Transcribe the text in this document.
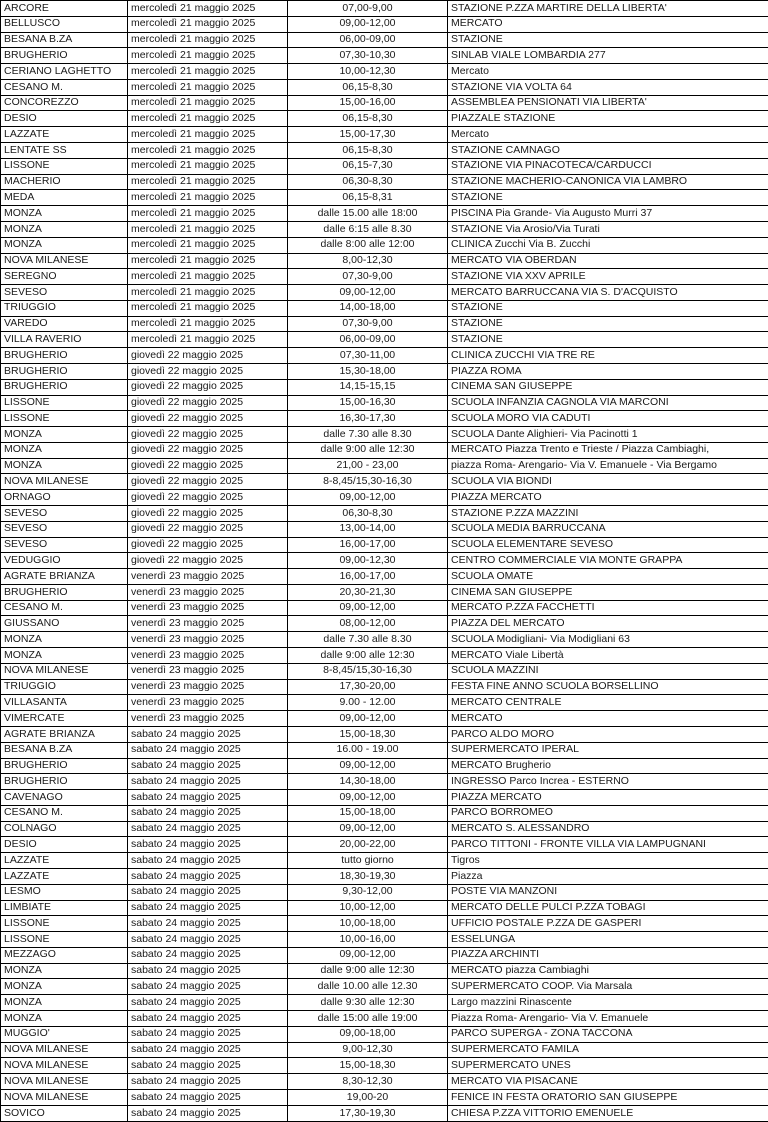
ARCORE	mercoledì 21 maggio 2025	07,00-9,00	STAZIONE P.ZZA MARTIRE DELLA LIBERTA'
BELLUSCO	mercoledì 21 maggio 2025	09,00-12,00	MERCATO
BESANA B.ZA	mercoledì 21 maggio 2025	06,00-09,00	STAZIONE
BRUGHERIO	mercoledì 21 maggio 2025	07,30-10,30	SINLAB VIALE LOMBARDIA 277
CERIANO LAGHETTO	mercoledì 21 maggio 2025	10,00-12,30	Mercato
CESANO M.	mercoledì 21 maggio 2025	06,15-8,30	STAZIONE VIA VOLTA 64
CONCOREZZO	mercoledì 21 maggio 2025	15,00-16,00	ASSEMBLEA PENSIONATI VIA LIBERTA'
DESIO	mercoledì 21 maggio 2025	06,15-8,30	PIAZZALE STAZIONE
LAZZATE	mercoledì 21 maggio 2025	15,00-17,30	Mercato
LENTATE SS	mercoledì 21 maggio 2025	06,15-8,30	STAZIONE CAMNAGO
LISSONE	mercoledì 21 maggio 2025	06,15-7,30	STAZIONE VIA PINACOTECA/CARDUCCI
MACHERIO	mercoledì 21 maggio 2025	06,30-8,30	STAZIONE MACHERIO-CANONICA VIA LAMBRO
MEDA	mercoledì 21 maggio 2025	06,15-8,31	STAZIONE
MONZA	mercoledì 21 maggio 2025	dalle 15.00 alle 18:00	PISCINA Pia Grande- Via Augusto Murri 37
MONZA	mercoledì 21 maggio 2025	dalle 6:15 alle 8.30	STAZIONE Via Arosio/Via Turati
MONZA	mercoledì 21 maggio 2025	dalle 8:00 alle 12:00	CLINICA Zucchi Via B. Zucchi
NOVA MILANESE	mercoledì 21 maggio 2025	8,00-12,30	MERCATO VIA OBERDAN
SEREGNO	mercoledì 21 maggio 2025	07,30-9,00	STAZIONE VIA XXV APRILE
SEVESO	mercoledì 21 maggio 2025	09,00-12,00	MERCATO BARRUCCANA VIA S. D'ACQUISTO
TRIUGGIO	mercoledì 21 maggio 2025	14,00-18,00	STAZIONE
VAREDO	mercoledì 21 maggio 2025	07,30-9,00	STAZIONE
VILLA RAVERIO	mercoledì 21 maggio 2025	06,00-09,00	STAZIONE
BRUGHERIO	giovedì 22 maggio 2025	07,30-11,00	CLINICA ZUCCHI VIA TRE RE
BRUGHERIO	giovedì 22 maggio 2025	15,30-18,00	PIAZZA ROMA
BRUGHERIO	giovedì 22 maggio 2025	14,15-15,15	CINEMA SAN GIUSEPPE
LISSONE	giovedì 22 maggio 2025	15,00-16,30	SCUOLA INFANZIA CAGNOLA VIA MARCONI
LISSONE	giovedì 22 maggio 2025	16,30-17,30	SCUOLA MORO VIA CADUTI
MONZA	giovedì 22 maggio 2025	dalle 7.30 alle 8.30	SCUOLA Dante Alighieri- Via Pacinotti 1
MONZA	giovedì 22 maggio 2025	dalle 9:00 alle 12:30	MERCATO Piazza Trento e Trieste / Piazza Cambiaghi,
MONZA	giovedì 22 maggio 2025	21,00 - 23,00	piazza Roma- Arengario- Via V. Emanuele - Via Bergamo
NOVA MILANESE	giovedì 22 maggio 2025	8-8,45/15,30-16,30	SCUOLA VIA BIONDI
ORNAGO	giovedì 22 maggio 2025	09,00-12,00	PIAZZA MERCATO
SEVESO	giovedì 22 maggio 2025	06,30-8,30	STAZIONE P.ZZA MAZZINI
SEVESO	giovedì 22 maggio 2025	13,00-14,00	SCUOLA MEDIA BARRUCCANA
SEVESO	giovedì 22 maggio 2025	16,00-17,00	SCUOLA ELEMENTARE SEVESO
VEDUGGIO	giovedì 22 maggio 2025	09,00-12,30	CENTRO COMMERCIALE VIA MONTE GRAPPA
AGRATE BRIANZA	venerdì 23 maggio 2025	16,00-17,00	SCUOLA OMATE
BRUGHERIO	venerdì 23 maggio 2025	20,30-21,30	CINEMA SAN GIUSEPPE
CESANO M.	venerdì 23 maggio 2025	09,00-12,00	MERCATO P.ZZA FACCHETTI
GIUSSANO	venerdì 23 maggio 2025	08,00-12,00	PIAZZA DEL MERCATO
MONZA	venerdì 23 maggio 2025	dalle 7.30 alle 8.30	SCUOLA Modigliani- Via Modigliani 63
MONZA	venerdì 23 maggio 2025	dalle 9:00 alle 12:30	MERCATO Viale Libertà
NOVA MILANESE	venerdì 23 maggio 2025	8-8,45/15,30-16,30	SCUOLA MAZZINI
TRIUGGIO	venerdì 23 maggio 2025	17,30-20,00	FESTA FINE ANNO SCUOLA BORSELLINO
VILLASANTA	venerdì 23 maggio 2025	9.00 - 12.00	MERCATO CENTRALE
VIMERCATE	venerdì 23 maggio 2025	09,00-12,00	MERCATO
AGRATE BRIANZA	sabato 24 maggio 2025	15,00-18,30	PARCO ALDO MORO
BESANA B.ZA	sabato 24 maggio 2025	16.00 - 19.00	SUPERMERCATO IPERAL
BRUGHERIO	sabato 24 maggio 2025	09,00-12,00	MERCATO Brugherio
BRUGHERIO	sabato 24 maggio 2025	14,30-18,00	INGRESSO Parco Increa - ESTERNO
CAVENAGO	sabato 24 maggio 2025	09,00-12,00	PIAZZA MERCATO
CESANO M.	sabato 24 maggio 2025	15,00-18,00	PARCO BORROMEO
COLNAGO	sabato 24 maggio 2025	09,00-12,00	MERCATO S. ALESSANDRO
DESIO	sabato 24 maggio 2025	20,00-22,00	PARCO TITTONI - FRONTE VILLA VIA LAMPUGNANI
LAZZATE	sabato 24 maggio 2025	tutto giorno	Tigros
LAZZATE	sabato 24 maggio 2025	18,30-19,30	Piazza
LESMO	sabato 24 maggio 2025	9,30-12,00	POSTE VIA MANZONI
LIMBIATE	sabato 24 maggio 2025	10,00-12,00	MERCATO DELLE PULCI P.ZZA TOBAGI
LISSONE	sabato 24 maggio 2025	10,00-18,00	UFFICIO POSTALE P.ZZA DE GASPERI
LISSONE	sabato 24 maggio 2025	10,00-16,00	ESSELUNGA
MEZZAGO	sabato 24 maggio 2025	09,00-12,00	PIAZZA ARCHINTI
MONZA	sabato 24 maggio 2025	dalle 9:00 alle 12:30	MERCATO piazza Cambiaghi
MONZA	sabato 24 maggio 2025	dalle 10.00 alle 12.30	SUPERMERCATO COOP. Via Marsala
MONZA	sabato 24 maggio 2025	dalle 9:30 alle 12:30	Largo mazzini Rinascente
MONZA	sabato 24 maggio 2025	dalle 15:00 alle 19:00	Piazza Roma- Arengario- Via V. Emanuele
MUGGIO'	sabato 24 maggio 2025	09,00-18,00	PARCO SUPERGA - ZONA TACCONA
NOVA MILANESE	sabato 24 maggio 2025	9,00-12,30	SUPERMERCATO FAMILA
NOVA MILANESE	sabato 24 maggio 2025	15,00-18,30	SUPERMERCATO UNES
NOVA MILANESE	sabato 24 maggio 2025	8,30-12,30	MERCATO VIA PISACANE
NOVA MILANESE	sabato 24 maggio 2025	19,00-20	FENICE IN FESTA ORATORIO SAN GIUSEPPE
SOVICO	sabato 24 maggio 2025	17,30-19,30	CHIESA P.ZZA VITTORIO EMENUELE
